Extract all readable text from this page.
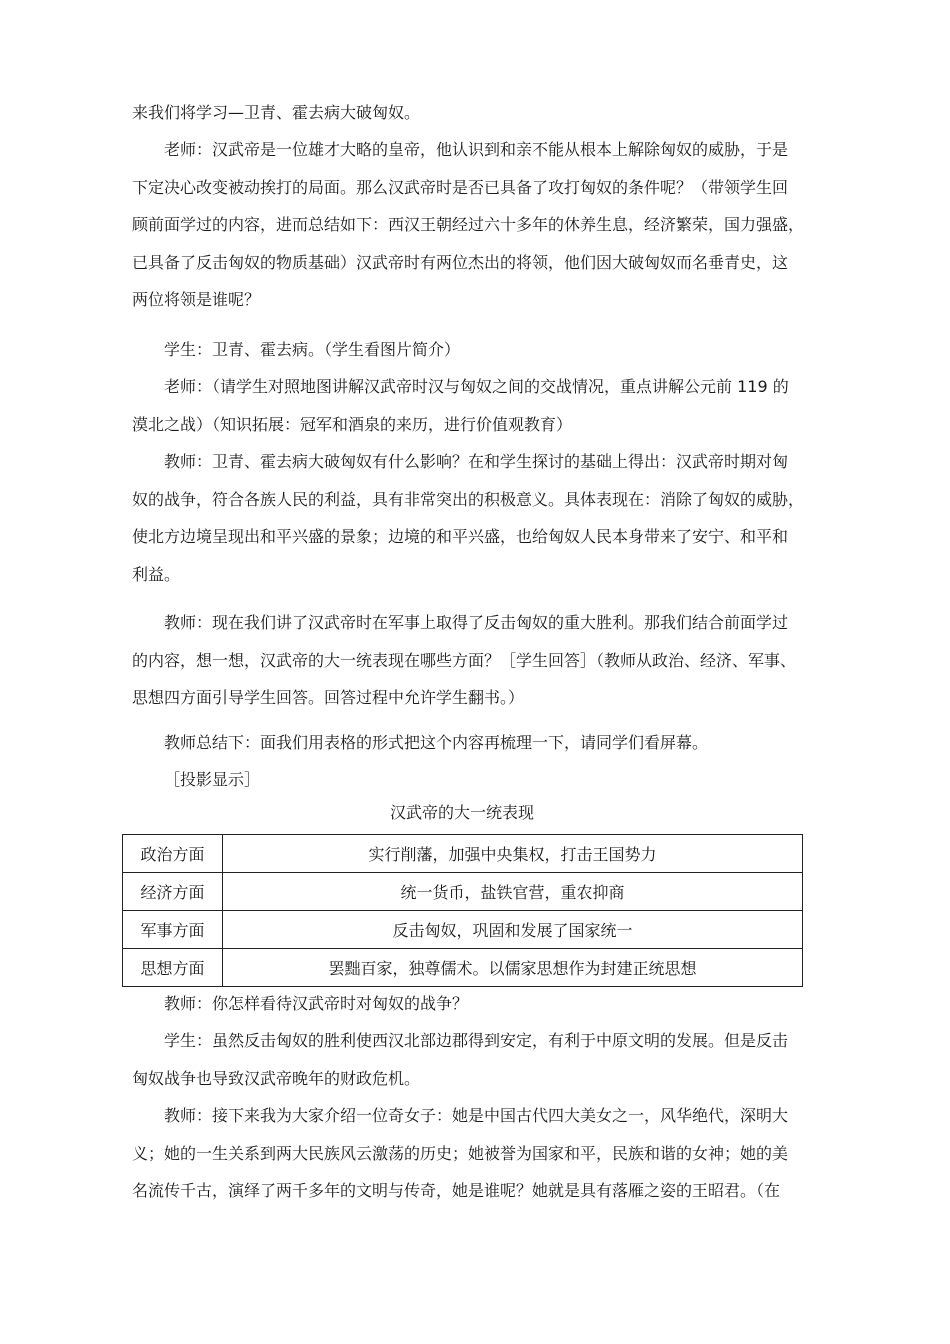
来我们将学习—卫青、霍去病大破匈奴。

老师：汉武帝是一位雄才大略的皇帝，他认识到和亲不能从根本上解除匈奴的威胁，于是
下定决心改变被动挨打的局面。那么汉武帝时是否已具备了攻打匈奴的条件呢？（带领学生回
顾前面学过的内容，进而总结如下：西汉王朝经过六十多年的休养生息，经济繁荣，国力强盛，
已具备了反击匈奴的物质基础）汉武帝时有两位杰出的将领，他们因大破匈奴而名垂青史，这
两位将领是谁呢？

学生：卫青、霍去病。（学生看图片简介）

老师：（请学生对照地图讲解汉武帝时汉与匈奴之间的交战情况，重点讲解公元前 119 的
漠北之战）（知识拓展：冠军和酒泉的来历，进行价值观教育）

教师：卫青、霍去病大破匈奴有什么影响？在和学生探讨的基础上得出：汉武帝时期对匈
奴的战争，符合各族人民的利益，具有非常突出的积极意义。具体表现在：消除了匈奴的威胁，
使北方边境呈现出和平兴盛的景象；边境的和平兴盛，也给匈奴人民本身带来了安宁、和平和
利益。

教师：现在我们讲了汉武帝时在军事上取得了反击匈奴的重大胜利。那我们结合前面学过
的内容，想一想，汉武帝的大一统表现在哪些方面？［学生回答］（教师从政治、经济、军事、
思想四方面引导学生回答。回答过程中允许学生翻书。）

教师总结下：面我们用表格的形式把这个内容再梳理一下，请同学们看屏幕。

［投影显示］

汉武帝的大一统表现
政治方面	实行削藩，加强中央集权，打击王国势力
经济方面	统一货币，盐铁官营，重农抑商
军事方面	反击匈奴，巩固和发展了国家统一
思想方面	罢黜百家，独尊儒术。以儒家思想作为封建正统思想

教师：你怎样看待汉武帝时对匈奴的战争？

学生：虽然反击匈奴的胜利使西汉北部边郡得到安定，有利于中原文明的发展。但是反击
匈奴战争也导致汉武帝晚年的财政危机。

教师：接下来我为大家介绍一位奇女子：她是中国古代四大美女之一，风华绝代，深明大
义；她的一生关系到两大民族风云激荡的历史；她被誉为国家和平，民族和谐的女神；她的美
名流传千古，演绎了两千多年的文明与传奇，她是谁呢？她就是具有落雁之姿的王昭君。（在
